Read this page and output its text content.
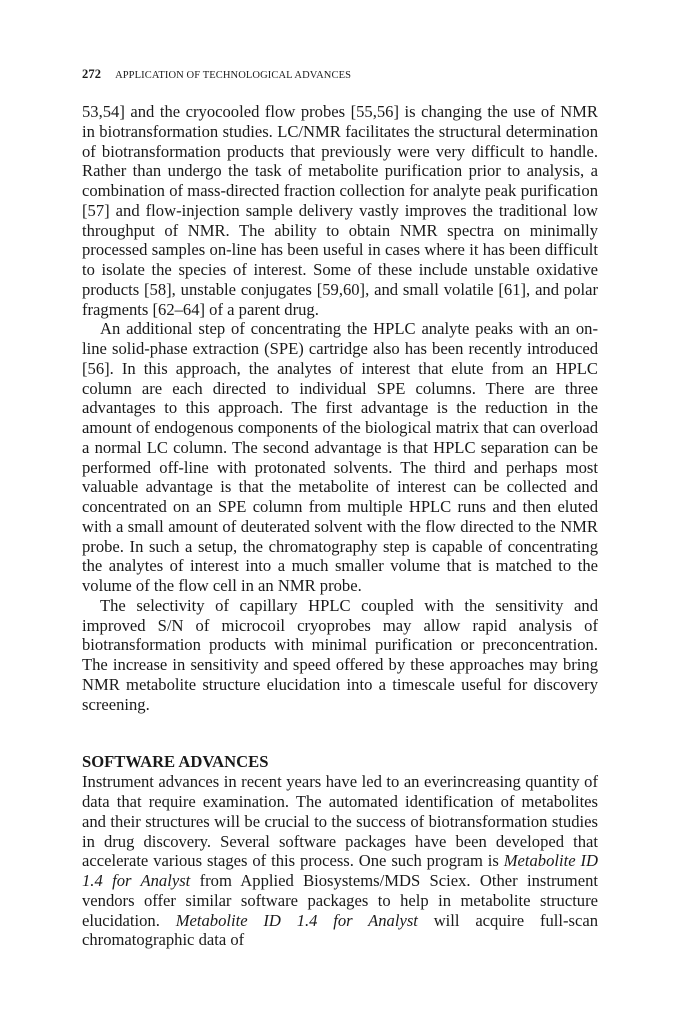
272 APPLICATION OF TECHNOLOGICAL ADVANCES

53,54] and the cryocooled flow probes [55,56] is changing the use of NMR in biotransformation studies. LC/NMR facilitates the structural determination of biotransformation products that previously were very difficult to handle. Rather than undergo the task of metabolite purification prior to analysis, a combination of mass-directed fraction collection for analyte peak purification [57] and flow-injection sample delivery vastly improves the traditional low throughput of NMR. The ability to obtain NMR spectra on minimally processed samples on-line has been useful in cases where it has been difficult to isolate the species of interest. Some of these include unstable oxidative products [58], unstable conjugates [59,60], and small volatile [61], and polar fragments [62–64] of a parent drug.

An additional step of concentrating the HPLC analyte peaks with an on-line solid-phase extraction (SPE) cartridge also has been recently introduced [56]. In this approach, the analytes of interest that elute from an HPLC column are each directed to individual SPE columns. There are three advantages to this approach. The first advantage is the reduction in the amount of endogenous components of the biological matrix that can overload a normal LC column. The second advantage is that HPLC separation can be performed off-line with protonated solvents. The third and perhaps most valuable advantage is that the metabolite of interest can be collected and concentrated on an SPE column from multiple HPLC runs and then eluted with a small amount of deuterated solvent with the flow directed to the NMR probe. In such a setup, the chromatography step is capable of concentrating the analytes of interest into a much smaller volume that is matched to the volume of the flow cell in an NMR probe.

The selectivity of capillary HPLC coupled with the sensitivity and improved S/N of microcoil cryoprobes may allow rapid analysis of biotransformation products with minimal purification or preconcentration. The increase in sensitivity and speed offered by these approaches may bring NMR metabolite structure elucidation into a timescale useful for discovery screening.

SOFTWARE ADVANCES

Instrument advances in recent years have led to an everincreasing quantity of data that require examination. The automated identification of metabolites and their structures will be crucial to the success of biotransformation studies in drug discovery. Several software packages have been developed that accelerate various stages of this process. One such program is Metabolite ID 1.4 for Analyst from Applied Biosystems/MDS Sciex. Other instrument vendors offer similar software packages to help in metabolite structure elucidation. Metabolite ID 1.4 for Analyst will acquire full-scan chromatographic data of
